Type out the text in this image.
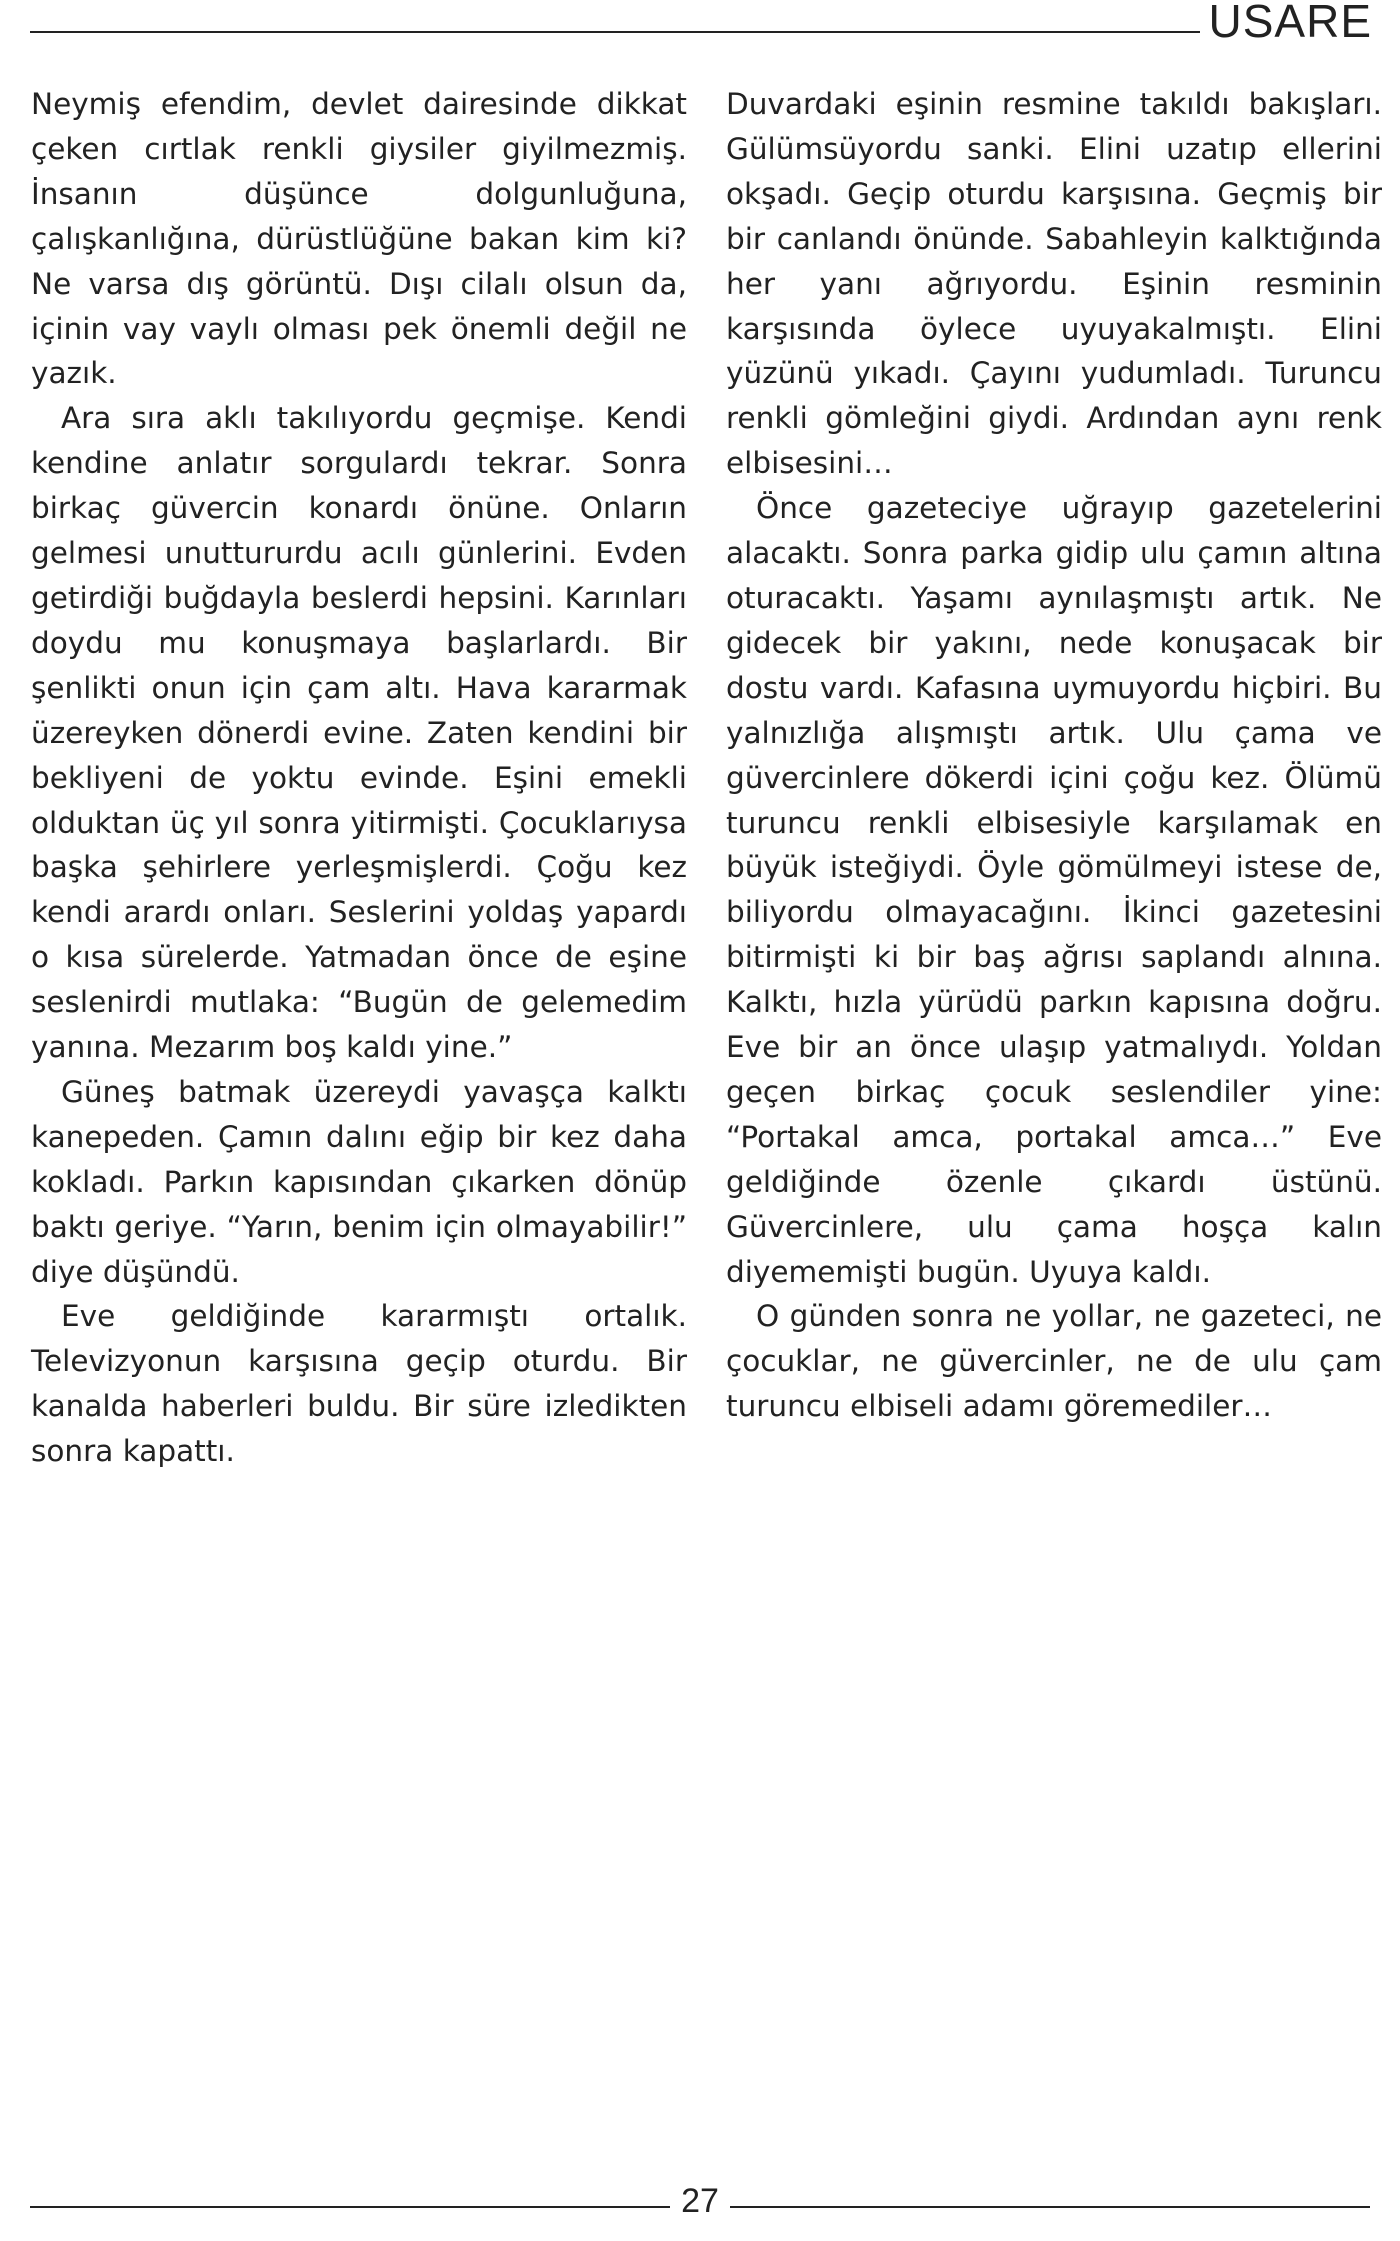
USARE

Neymiş efendim, devlet dairesinde dikkat çeken cırtlak renkli giysiler giyilmezmiş. İnsanın düşünce dolgunluğuna, çalışkanlığına, dürüstlüğüne bakan kim ki? Ne varsa dış görüntü. Dışı cilalı olsun da, içinin vay vaylı olması pek önemli değil ne yazık.

Ara sıra aklı takılıyordu geçmişe. Kendi kendine anlatır sorgulardı tekrar. Sonra birkaç güvercin konardı önüne. Onların gelmesi unuttururdu acılı günlerini. Evden getirdiği buğdayla beslerdi hepsini. Karınları doydu mu konuşmaya başlarlardı. Bir şenlikti onun için çam altı. Hava kararmak üzereyken dönerdi evine. Zaten kendini bir bekliyeni de yoktu evinde. Eşini emekli olduktan üç yıl sonra yitirmişti. Çocuklarıysa başka şehirlere yerleşmişlerdi. Çoğu kez kendi arardı onları. Seslerini yoldaş yapardı o kısa sürelerde. Yatmadan önce de eşine seslenirdi mutlaka: “Bugün de gelemedim yanına. Mezarım boş kaldı yine.”

Güneş batmak üzereydi yavaşça kalktı kanepeden. Çamın dalını eğip bir kez daha kokladı. Parkın kapısından çıkarken dönüp baktı geriye. “Yarın, benim için olmayabilir!” diye düşündü.

Eve geldiğinde kararmıştı ortalık. Televizyonun karşısına geçip oturdu. Bir kanalda haberleri buldu. Bir süre izledikten sonra kapattı.

Duvardaki eşinin resmine takıldı bakışları. Gülümsüyordu sanki. Elini uzatıp ellerini okşadı. Geçip oturdu karşısına. Geçmiş bir bir canlandı önünde. Sabahleyin kalktığında her yanı ağrıyordu. Eşinin resminin karşısında öylece uyuyakalmıştı. Elini yüzünü yıkadı. Çayını yudumladı. Turuncu renkli gömleğini giydi. Ardından aynı renk elbisesini…

Önce gazeteciye uğrayıp gazetelerini alacaktı. Sonra parka gidip ulu çamın altına oturacaktı. Yaşamı aynılaşmıştı artık. Ne gidecek bir yakını, nede konuşacak bir dostu vardı. Kafasına uymuyordu hiçbiri. Bu yalnızlığa alışmıştı artık. Ulu çama ve güvercinlere dökerdi içini çoğu kez. Ölümü turuncu renkli elbisesiyle karşılamak en büyük isteğiydi. Öyle gömülmeyi istese de, biliyordu olmayacağını. İkinci gazetesini bitirmişti ki bir baş ağrısı saplandı alnına. Kalktı, hızla yürüdü parkın kapısına doğru. Eve bir an önce ulaşıp yatmalıydı. Yoldan geçen birkaç çocuk seslendiler yine: “Portakal amca, portakal amca…” Eve geldiğinde özenle çıkardı üstünü. Güvercinlere, ulu çama hoşça kalın diyememişti bugün. Uyuya kaldı.

O günden sonra ne yollar, ne gazeteci, ne çocuklar, ne güvercinler, ne de ulu çam turuncu elbiseli adamı göremediler…

27
